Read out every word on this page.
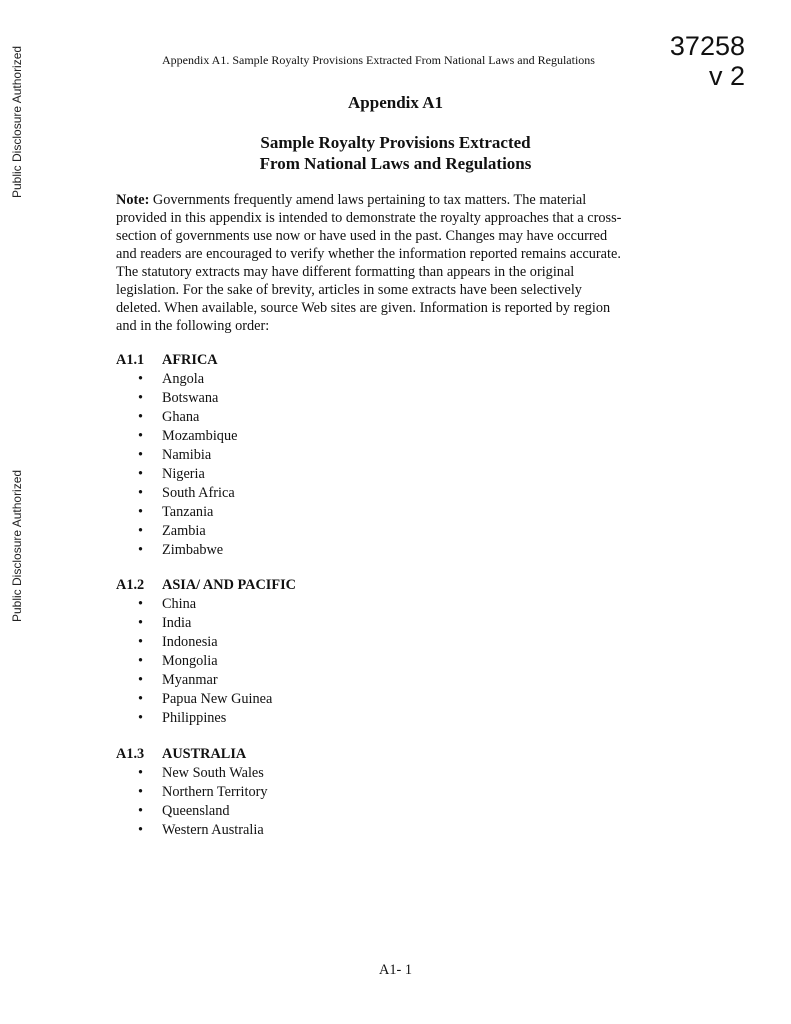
Public Disclosure Authorized
Public Disclosure Authorized
37258
v 2
Appendix A1. Sample Royalty Provisions Extracted From National Laws and Regulations
Appendix A1
Sample Royalty Provisions Extracted
From National Laws and Regulations
Note: Governments frequently amend laws pertaining to tax matters. The material
provided in this appendix is intended to demonstrate the royalty approaches that a cross-
section of governments use now or have used in the past. Changes may have occurred
and readers are encouraged to verify whether the information reported remains accurate.
The statutory extracts may have different formatting than appears in the original
legislation. For the sake of brevity, articles in some extracts have been selectively
deleted. When available, source Web sites are given. Information is reported by region
and in the following order:
A1.1 AFRICA
• Angola
• Botswana
• Ghana
• Mozambique
• Namibia
• Nigeria
• South Africa
• Tanzania
• Zambia
• Zimbabwe
A1.2 ASIA/ AND PACIFIC
• China
• India
• Indonesia
• Mongolia
• Myanmar
• Papua New Guinea
• Philippines
A1.3 AUSTRALIA
• New South Wales
• Northern Territory
• Queensland
• Western Australia
A1- 1
